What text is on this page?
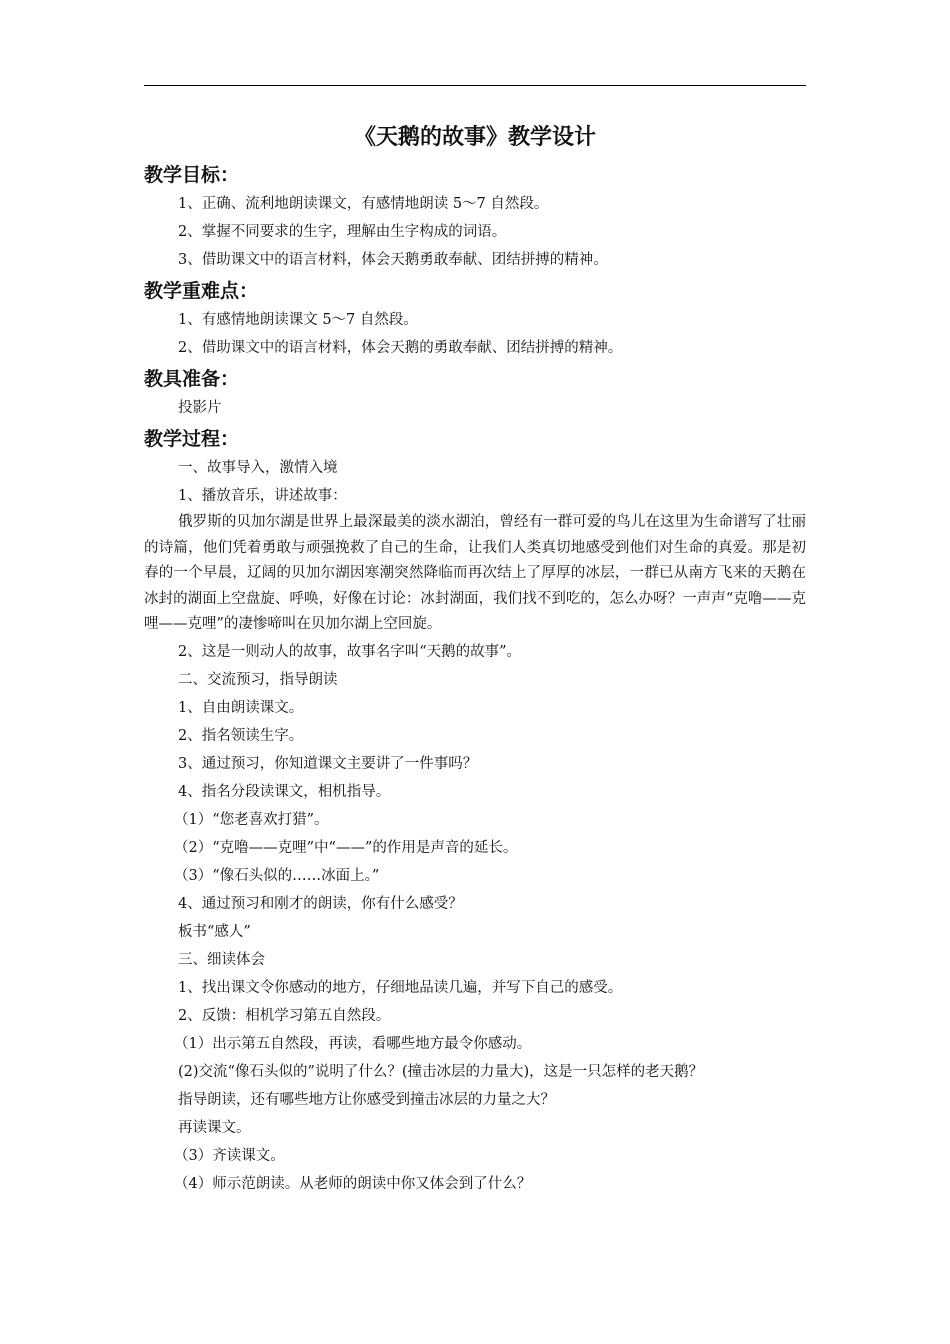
《天鹅的故事》教学设计
教学目标：
1、正确、流利地朗读课文，有感情地朗读 5～7 自然段。
2、掌握不同要求的生字，理解由生字构成的词语。
3、借助课文中的语言材料，体会天鹅勇敢奉献、团结拼搏的精神。
教学重难点：
1、有感情地朗读课文 5～7 自然段。
2、借助课文中的语言材料，体会天鹅的勇敢奉献、团结拼搏的精神。
教具准备：
投影片
教学过程：
一、故事导入，激情入境
1、播放音乐，讲述故事：

俄罗斯的贝加尔湖是世界上最深最美的淡水湖泊，曾经有一群可爱的鸟儿在这里为生命谱写了壮丽的诗篇，他们凭着勇敢与顽强挽救了自己的生命，让我们人类真切地感受到他们对生命的真爱。那是初春的一个早晨，辽阔的贝加尔湖因寒潮突然降临而再次结上了厚厚的冰层，一群已从南方飞来的天鹅在冰封的湖面上空盘旋、呼唤，好像在讨论：冰封湖面，我们找不到吃的，怎么办呀？一声声“克噜——克哩——克哩”的凄惨啼叫在贝加尔湖上空回旋。

2、这是一则动人的故事，故事名字叫“天鹅的故事”。
二、交流预习，指导朗读
1、自由朗读课文。
2、指名领读生字。
3、通过预习，你知道课文主要讲了一件事吗？
4、指名分段读课文，相机指导。
（1）“您老喜欢打猎”。
（2）“克噜——克哩”中“——”的作用是声音的延长。
（3）“像石头似的……冰面上。”
4、通过预习和刚才的朗读，你有什么感受？
板书“感人”
三、细读体会
1、找出课文令你感动的地方，仔细地品读几遍，并写下自己的感受。
2、反馈：相机学习第五自然段。
（1）出示第五自然段，再读，看哪些地方最令你感动。
(2)交流“像石头似的”说明了什么？(撞击冰层的力量大)，这是一只怎样的老天鹅？
指导朗读，还有哪些地方让你感受到撞击冰层的力量之大？
再读课文。
（3）齐读课文。
（4）师示范朗读。从老师的朗读中你又体会到了什么？
